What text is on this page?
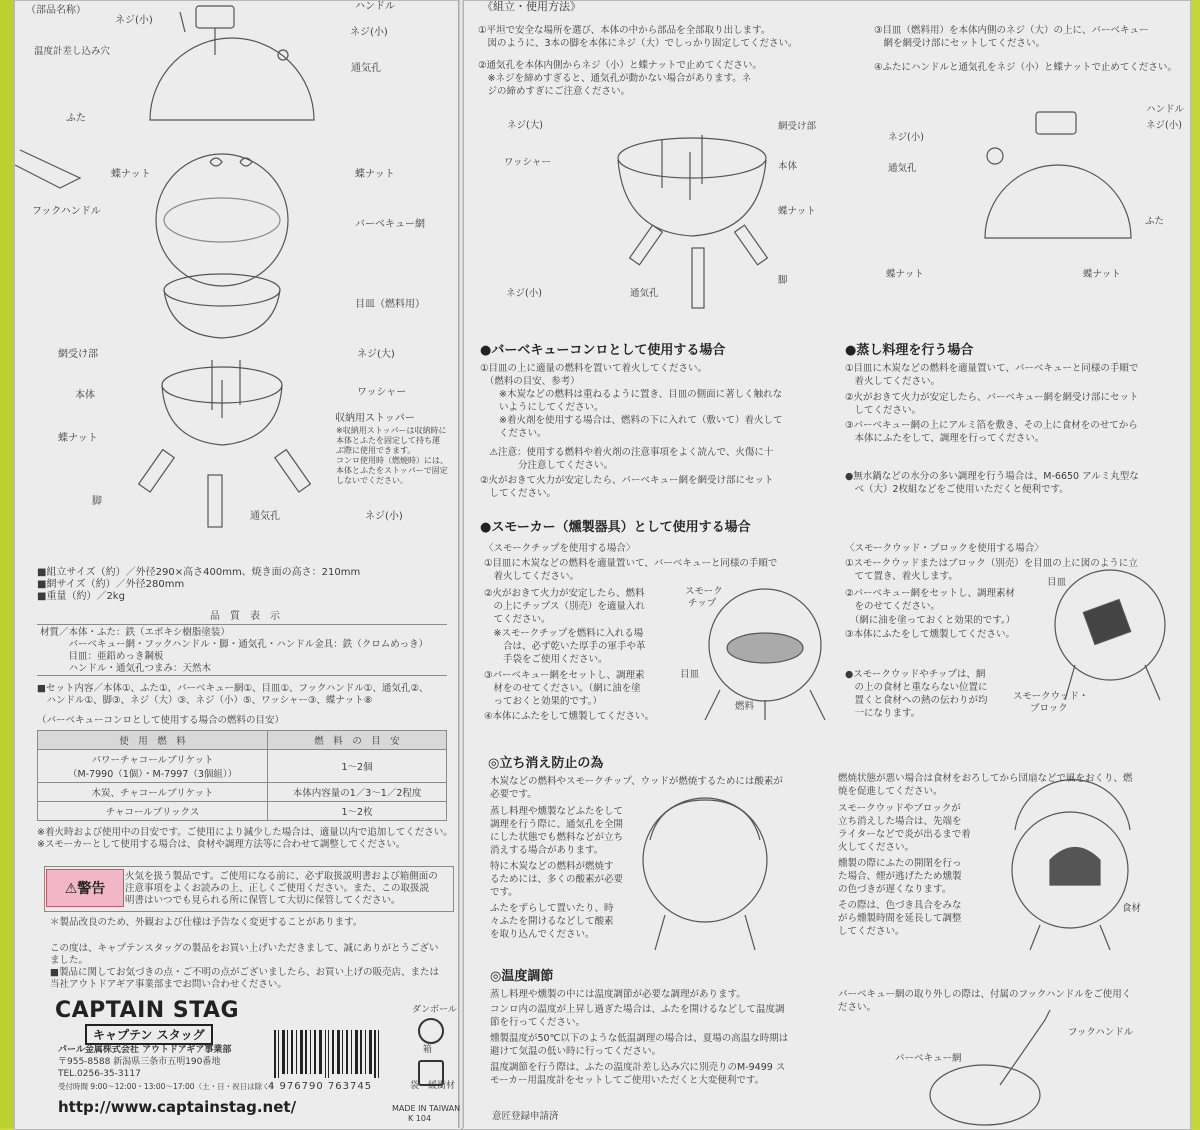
（部品名称）	ハンドル
ネジ(小)
ネジ(小)
温度計差し込み穴
通気孔
ふた
蝶ナット	蝶ナット
フックハンドル
バーベキュー網
目皿（燃料用）
網受け部	ネジ(大)
本体	ワッシャー
収納用ストッパー
※収納用ストッパーは収納時に
本体とふたを固定して持ち運
ぶ際に使用できます。
コンロ使用時（燃焼時）には、
本体とふたをストッパーで固定
しないでください。
蝶ナット
脚
通気孔	ネジ(小)
■組立サイズ（約）／外径290×高さ400mm、焼き面の高さ：210mm
■網サイズ（約）／外径280mm
■重量（約）／2kg
品　質　表　示
材質／本体・ふた：鉄（エポキシ樹脂塗装）
　　　バーベキュー網・フックハンドル・脚・通気孔・ハンドル金具：鉄（クロムめっき）
　　　目皿：亜鉛めっき鋼板
　　　ハンドル・通気孔つまみ：天然木
■セット内容／本体①、ふた①、バーベキュー網①、目皿①、フックハンドル①、通気孔②、
　ハンドル①、脚③、ネジ（大）③、ネジ（小）⑤、ワッシャー③、蝶ナット⑧
（バーベキューコンロとして使用する場合の燃料の目安）
使　用　燃　料	燃　料　の　目　安
パワーチャコールブリケット
（M-7990（1個）・M-7997（3個組））	1〜2個
木炭、チャコールブリケット	本体内容量の1／3〜1／2程度
チャコールブリックス	1〜2枚
※着火時および使用中の目安です。ご使用により減少した場合は、適量以内で追加してください。
※スモーカーとして使用する場合は、食材や調理方法等に合わせて調整してください。
⚠警告
火気を扱う製品です。ご使用になる前に、必ず取扱説明書および箱側面の
注意事項をよくお読みの上、正しくご使用ください。また、この取扱説
明書はいつでも見られる所に保管して大切に保管してください。
＊製品改良のため、外観および仕様は予告なく変更することがあります。
この度は、キャプテンスタッグの製品をお買い上げいただきまして、誠にありがとうござい
ました。
■製品に関してお気づきの点・ご不明の点がございましたら、お買い上げの販売店、または
当社アウトドアギア事業部までお問い合わせください。
CAPTAIN STAG
キャプテン スタッグ
パール金属株式会社 アウトドアギア事業部
〒955-8588 新潟県三条市五明190番地
TEL.0256-35-3117
受付時間 9:00〜12:00・13:00〜17:00（土・日・祝日は除く）
ダンボール
箱
袋・緩衝材
4 976790 763745
MADE IN TAIWAN
K 104
http://www.captainstag.net/
《組立・使用方法》
①平坦で安全な場所を選び、本体の中から部品を全部取り出します。
　図のように、3本の脚を本体にネジ（大）でしっかり固定してください。
②通気孔を本体内側からネジ（小）と蝶ナットで止めてください。
　※ネジを締めすぎると、通気孔が動かない場合があります。ネ
　ジの締めすぎにご注意ください。
③目皿（燃料用）を本体内側のネジ（大）の上に、バーベキュー
　網を網受け部にセットしてください。
④ふたにハンドルと通気孔をネジ（小）と蝶ナットで止めてください。
ネジ(大)	網受け部
ワッシャー	本体
蝶ナット
脚
ネジ(小)	通気孔
ハンドル
ネジ(小)
ネジ(小)
通気孔
ふた
蝶ナット	蝶ナット
●バーベキューコンロとして使用する場合
①目皿の上に適量の燃料を置いて着火してください。
　（燃料の目安、参考）
　　※木炭などの燃料は重ねるように置き、目皿の側面に著しく触れな
　　いようにしてください。
　　※着火剤を使用する場合は、燃料の下に入れて（敷いて）着火して
　　ください。
　⚠注意：使用する燃料や着火剤の注意事項をよく読んで、火傷に十
　　　　分注意してください。
②火がおきて火力が安定したら、バーベキュー網を網受け部にセット
　してください。
●蒸し料理を行う場合
①目皿に木炭などの燃料を適量置いて、バーベキューと同様の手順で
　着火してください。
②火がおきて火力が安定したら、バーベキュー網を網受け部にセット
　してください。
③バーベキュー網の上にアルミ箔を敷き、その上に食材をのせてから
　本体にふたをして、調理を行ってください。
●無水鍋などの水分の多い調理を行う場合は、M-6650 アルミ丸型な
　べ（大）2枚組などをご使用いただくと便利です。
●スモーカー（燻製器具）として使用する場合
〈スモークチップを使用する場合〉
①目皿に木炭などの燃料を適量置いて、バーベキューと同様の手順で
　着火してください。
②火がおきて火力が安定したら、燃料
　の上にチップス（別売）を適量入れ
　てください。
　※スモークチップを燃料に入れる場
　　合は、必ず乾いた厚手の軍手や革
　　手袋をご使用ください。
③バーベキュー網をセットし、調理素
　材をのせてください。（網に油を塗
　っておくと効果的です。）
④本体にふたをして燻製してください。
スモーク
チップ
目皿
燃料
〈スモークウッド・ブロックを使用する場合〉
①スモークウッドまたはブロック（別売）を目皿の上に図のように立
　てて置き、着火します。
②バーベキュー網をセットし、調理素材
　をのせてください。
　（網に油を塗っておくと効果的です。）
③本体にふたをして燻製してください。
●スモークウッドやチップは、網
　の上の食材と重ならない位置に
　置くと食材への熱の伝わりが均
　一になります。
目皿
スモークウッド・
ブロック
◎立ち消え防止の為
木炭などの燃料やスモークチップ、ウッドが燃焼するためには酸素が
必要です。
蒸し料理や燻製などふたをして
調理を行う際に、通気孔を全開
にした状態でも燃料などが立ち
消えする場合があります。
特に木炭などの燃料が燃焼す
るためには、多くの酸素が必要
です。
ふたをずらして置いたり、時
々ふたを開けるなどして酸素
を取り込んでください。
燃焼状態が悪い場合は食材をおろしてから団扇などで風をおくり、燃
焼を促進してください。
スモークウッドやブロックが
立ち消えした場合は、先端を
ライターなどで炎が出るまで着
火してください。
燻製の際にふたの開閉を行っ
た場合、煙が逃げたため燻製
の色づきが遅くなります。
その際は、色づき具合をみな
がら燻製時間を延長して調整
してください。
食材
◎温度調節
蒸し料理や燻製の中には温度調節が必要な調理があります。
コンロ内の温度が上昇し過ぎた場合は、ふたを開けるなどして温度調
節を行ってください。
燻製温度が50℃以下のような低温調理の場合は、夏場の高温な時期は
避けて気温の低い時に行ってください。
温度調節を行う際は、ふたの温度計差し込み穴に別売りのM-9499 ス
モーカー用温度計をセットしてご使用いただくと大変便利です。
バーベキュー網の取り外しの際は、付属のフックハンドルをご使用く
ださい。
フックハンドル
バーベキュー網
意匠登録申請済
